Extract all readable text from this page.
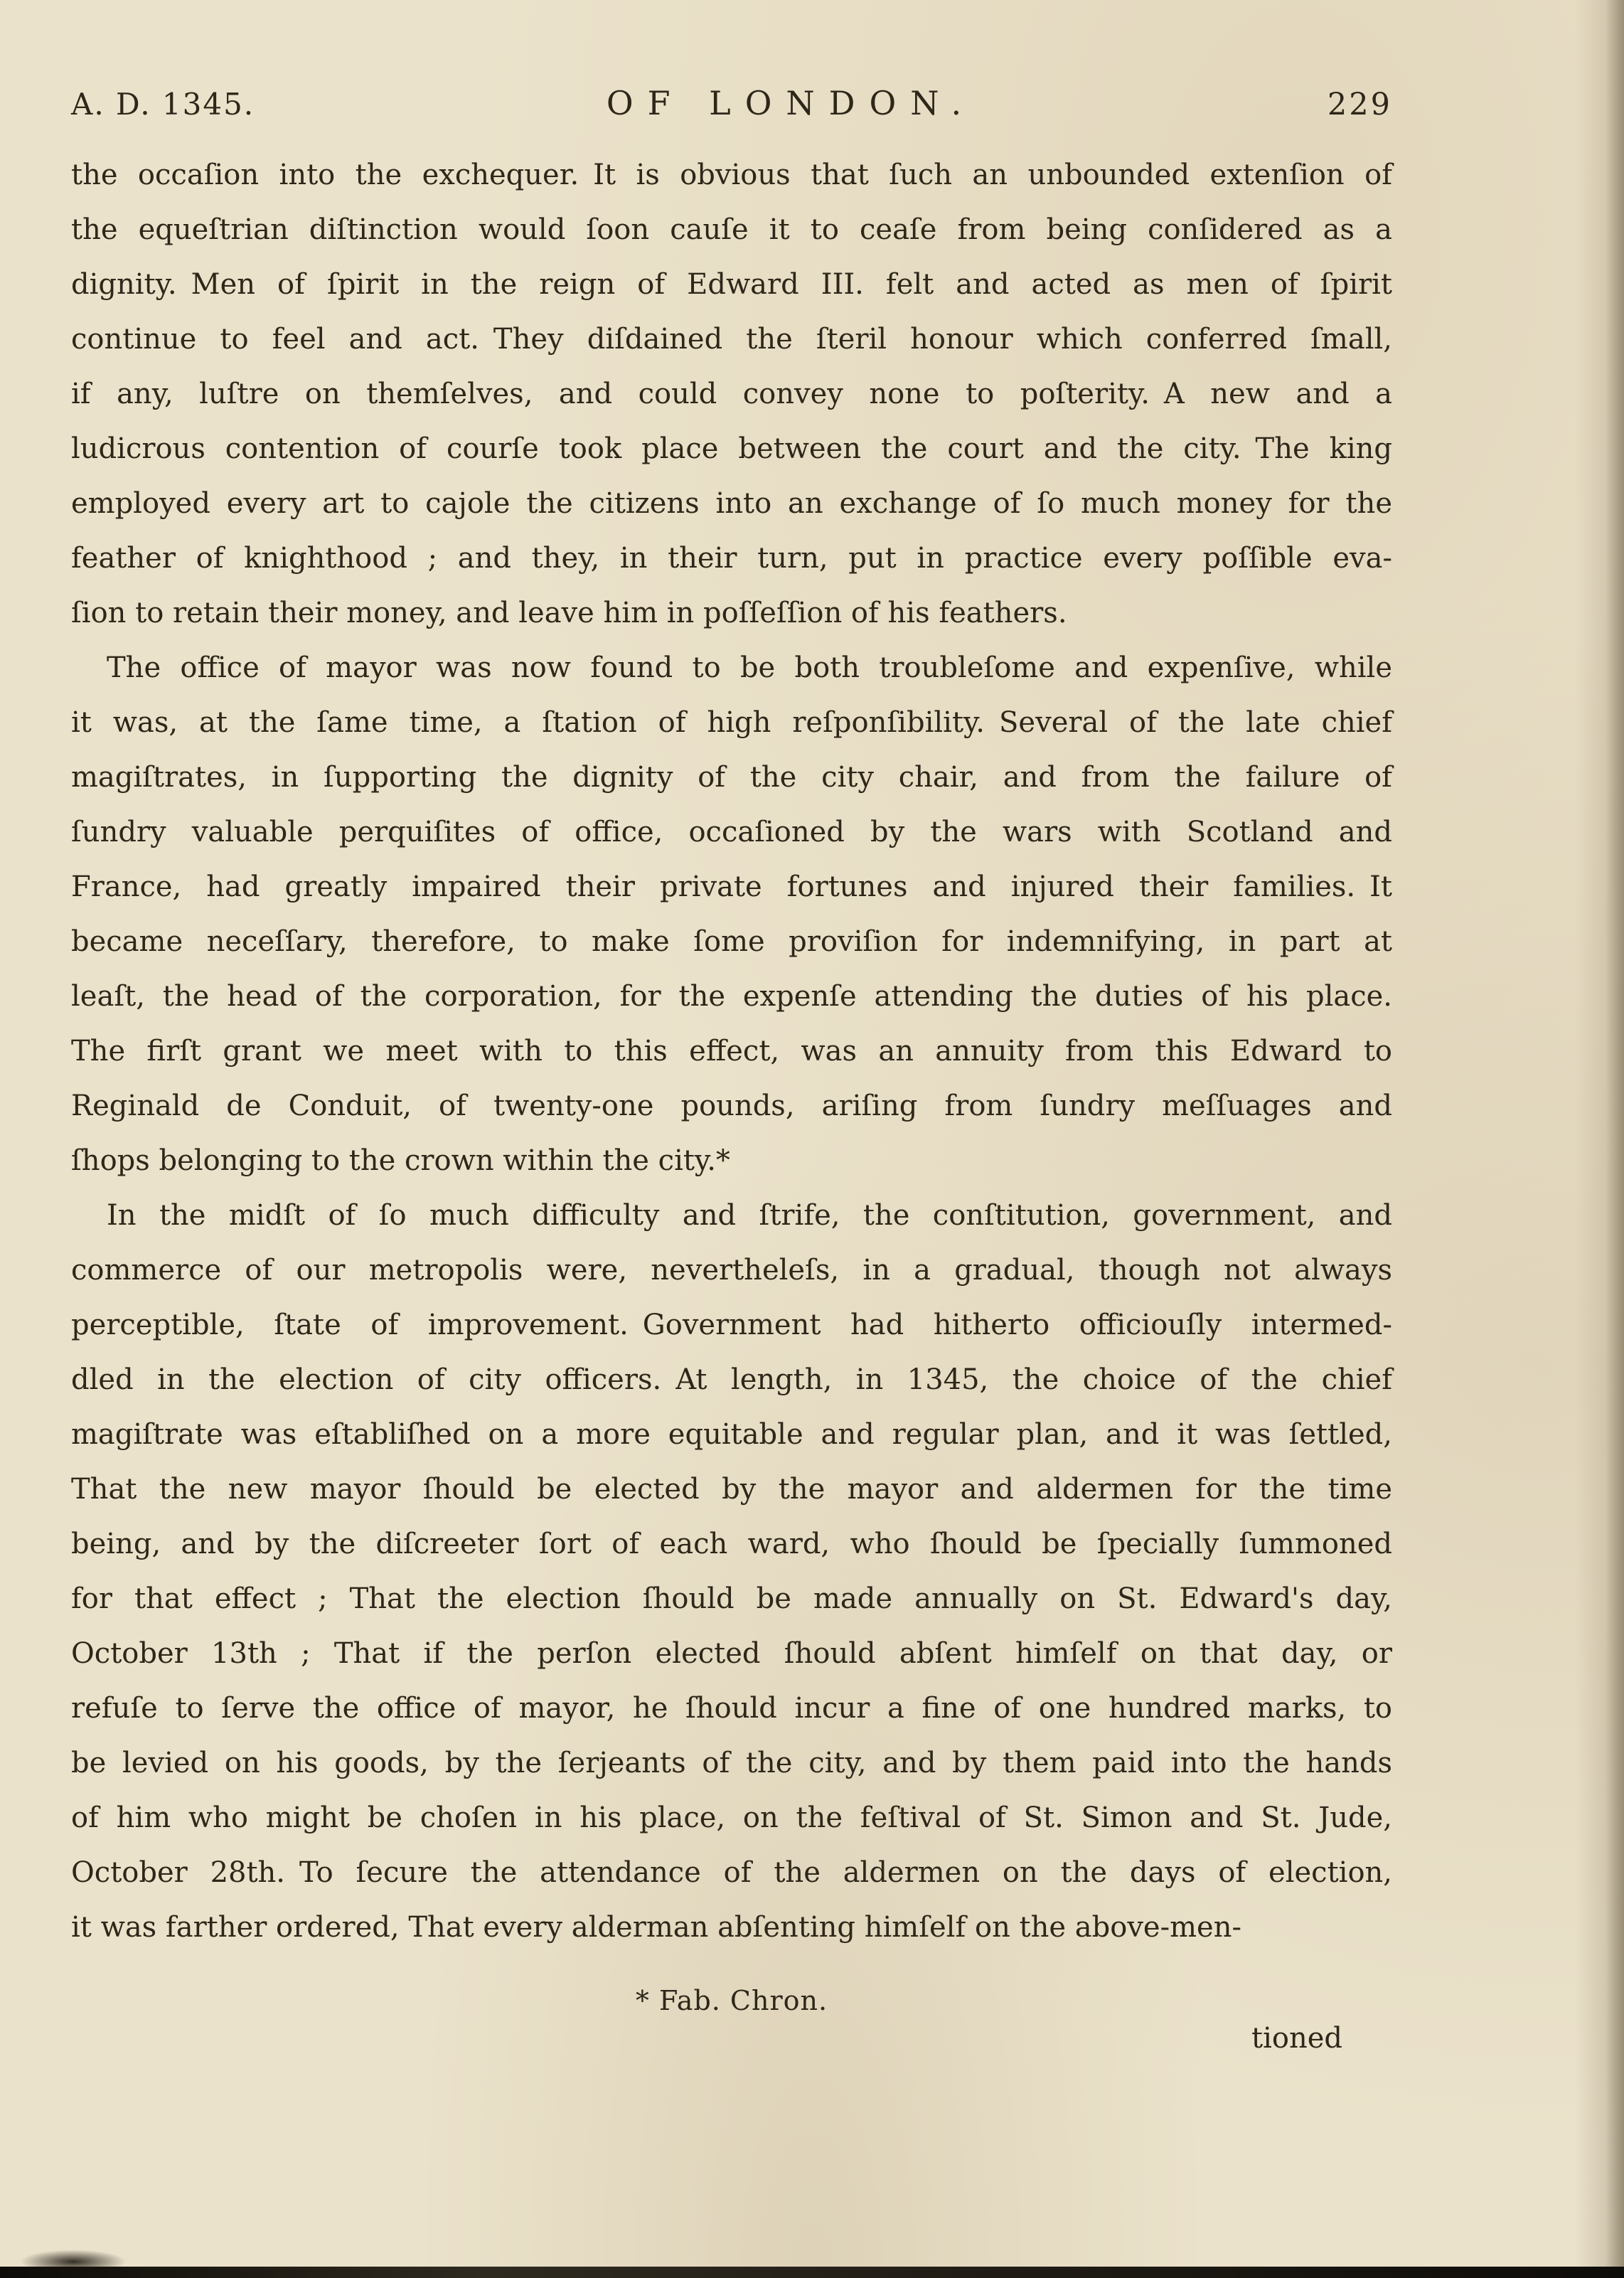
A. D. 1345.	OF LONDON.	229
the occaſion into the exchequer. It is obvious that ſuch an unbounded extenſion of
the equeſtrian diſtinction would ſoon cauſe it to ceaſe from being conſidered as a
dignity. Men of ſpirit in the reign of Edward III. felt and acted as men of ſpirit
continue to feel and act. They diſdained the ſteril honour which conferred ſmall,
if any, luſtre on themſelves, and could convey none to poſterity. A new and a
ludicrous contention of courſe took place between the court and the city. The king
employed every art to cajole the citizens into an exchange of ſo much money for the
feather of knighthood ; and they, in their turn, put in practice every poſſible eva-
ſion to retain their money, and leave him in poſſeſſion of his feathers.
The office of mayor was now found to be both troubleſome and expenſive, while
it was, at the ſame time, a ſtation of high reſponſibility. Several of the late chief
magiſtrates, in ſupporting the dignity of the city chair, and from the failure of
ſundry valuable perquiſites of office, occaſioned by the wars with Scotland and
France, had greatly impaired their private fortunes and injured their families. It
became neceſſary, therefore, to make ſome proviſion for indemnifying, in part at
leaſt, the head of the corporation, for the expenſe attending the duties of his place.
The firſt grant we meet with to this effect, was an annuity from this Edward to
Reginald de Conduit, of twenty-one pounds, ariſing from ſundry meſſuages and
ſhops belonging to the crown within the city.*
In the midſt of ſo much difficulty and ſtrife, the conſtitution, government, and
commerce of our metropolis were, nevertheleſs, in a gradual, though not always
perceptible, ſtate of improvement. Government had hitherto officiouſly intermed-
dled in the election of city officers. At length, in 1345, the choice of the chief
magiſtrate was eſtabliſhed on a more equitable and regular plan, and it was ſettled,
That the new mayor ſhould be elected by the mayor and aldermen for the time
being, and by the diſcreeter ſort of each ward, who ſhould be ſpecially ſummoned
for that effect ; That the election ſhould be made annually on St. Edward's day,
October 13th ; That if the perſon elected ſhould abſent himſelf on that day, or
refuſe to ſerve the office of mayor, he ſhould incur a fine of one hundred marks, to
be levied on his goods, by the ſerjeants of the city, and by them paid into the hands
of him who might be choſen in his place, on the feſtival of St. Simon and St. Jude,
October 28th. To ſecure the attendance of the aldermen on the days of election,
it was farther ordered, That every alderman abſenting himſelf on the above-men-
* Fab. Chron.
tioned
